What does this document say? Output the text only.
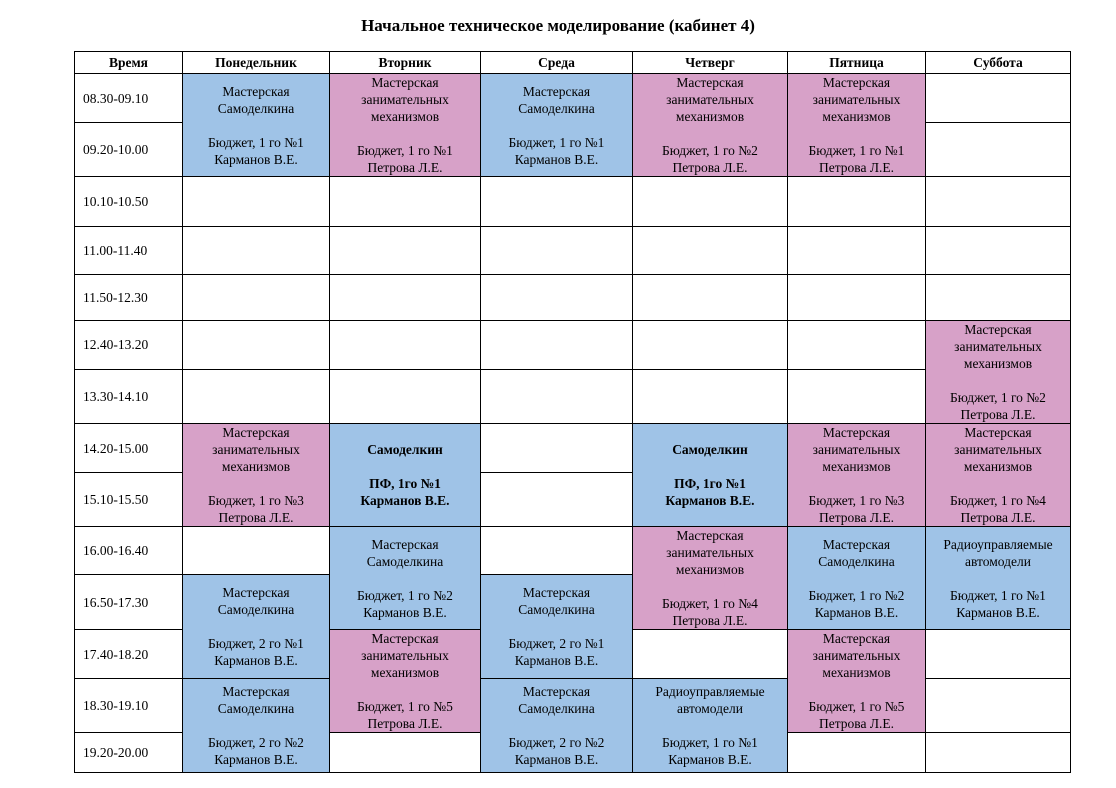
Начальное техническое моделирование (кабинет 4)
Время	Понедельник	Вторник	Среда	Четверг	Пятница	Суббота
08.30-09.10	Мастерская
Самоделкина
Бюджет, 1 го №1
Карманов В.Е.	Мастерская
занимательных
механизмов
Бюджет, 1 го №1
Петрова Л.Е.	Мастерская
Самоделкина
Бюджет, 1 го №1
Карманов В.Е.	Мастерская
занимательных
механизмов
Бюджет, 1 го №2
Петрова Л.Е.	Мастерская
занимательных
механизмов
Бюджет, 1 го №1
Петрова Л.Е.	

09.20-10.00						
10.10-10.50						
11.00-11.40						
11.50-12.30						
12.40-13.20						Мастерская
занимательных
механизмов
Бюджет, 1 го №2
Петрова Л.Е.

13.30-14.10						
14.20-15.00	Мастерская
занимательных
механизмов
Бюджет, 1 го №3
Петрова Л.Е.	Самоделкин
ПФ, 1го №1
Карманов В.Е.		Самоделкин
ПФ, 1го №1
Карманов В.Е.	Мастерская
занимательных
механизмов
Бюджет, 1 го №3
Петрова Л.Е.	Мастерская
занимательных
механизмов
Бюджет, 1 го №4
Петрова Л.Е.

15.10-15.50						
16.00-16.40		Мастерская
Самоделкина
Бюджет, 1 го №2
Карманов В.Е.		Мастерская
занимательных
механизмов
Бюджет, 1 го №4
Петрова Л.Е.	Мастерская
Самоделкина
Бюджет, 1 го №2
Карманов В.Е.	Радиоуправляемые
автомодели
Бюджет, 1 го №1
Карманов В.Е.

16.50-17.30	Мастерская
Самоделкина
Бюджет, 2 го №1
Карманов В.Е.		Мастерская
Самоделкина
Бюджет, 2 го №1
Карманов В.Е.			

17.40-18.20		Мастерская
занимательных
механизмов
Бюджет, 1 го №5
Петрова Л.Е.			Мастерская
занимательных
механизмов
Бюджет, 1 го №5
Петрова Л.Е.	

18.30-19.10	Мастерская
Самоделкина
Бюджет, 2 го №2
Карманов В.Е.		Мастерская
Самоделкина
Бюджет, 2 го №2
Карманов В.Е.	Радиоуправляемые
автомодели
Бюджет, 1 го №1
Карманов В.Е.		

19.20-20.00						
